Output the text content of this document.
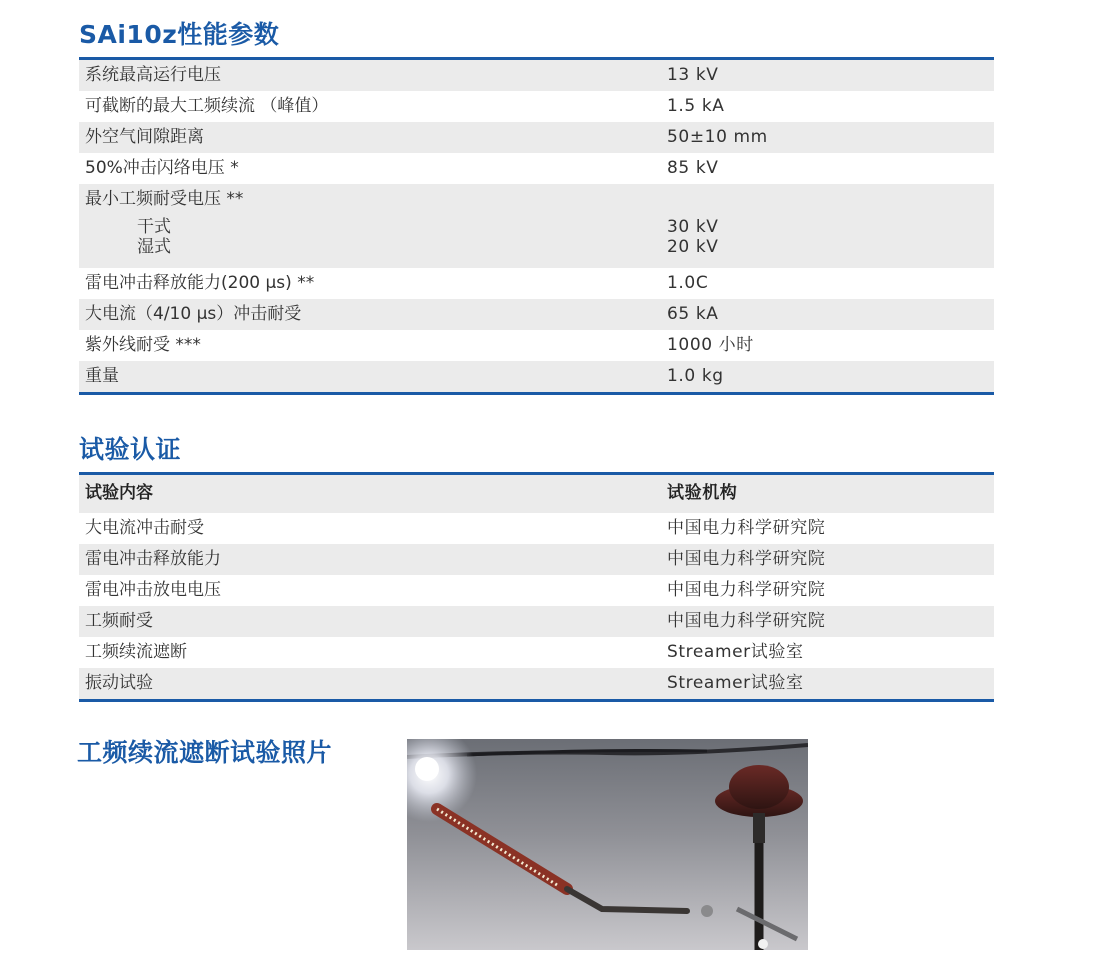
SAi10z性能参数
系统最高运行电压	13 kV
可截断的最大工频续流 （峰值）	1.5 kA
外空气间隙距离	50±10 mm
50%冲击闪络电压 *	85 kV
最小工频耐受电压 **
干式	30 kV
湿式	20 kV
雷电冲击释放能力(200 μs) **	1.0C
大电流（4/10 μs）冲击耐受	65 kA
紫外线耐受 ***	1000 小时
重量	1.0 kg
试验认证
试验内容	试验机构
大电流冲击耐受	中国电力科学研究院
雷电冲击释放能力	中国电力科学研究院
雷电冲击放电电压	中国电力科学研究院
工频耐受	中国电力科学研究院
工频续流遮断	Streamer试验室
振动试验	Streamer试验室
工频续流遮断试验照片
